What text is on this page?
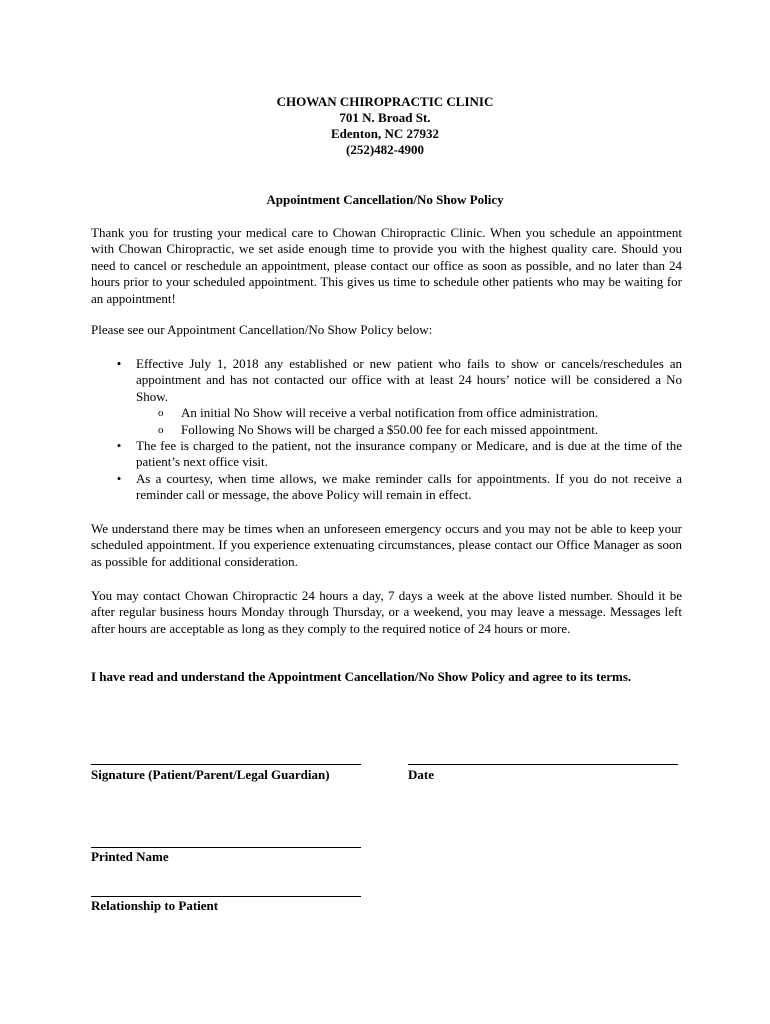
CHOWAN CHIROPRACTIC CLINIC
701 N. Broad St.
Edenton, NC 27932
(252)482-4900
Appointment Cancellation/No Show Policy

Thank you for trusting your medical care to Chowan Chiropractic Clinic. When you schedule an appointment with Chowan Chiropractic, we set aside enough time to provide you with the highest quality care. Should you need to cancel or reschedule an appointment, please contact our office as soon as possible, and no later than 24 hours prior to your scheduled appointment. This gives us time to schedule other patients who may be waiting for an appointment!

Please see our Appointment Cancellation/No Show Policy below:

• Effective July 1, 2018 any established or new patient who fails to show or cancels/reschedules an appointment and has not contacted our office with at least 24 hours’ notice will be considered a No Show.
o An initial No Show will receive a verbal notification from office administration.
o Following No Shows will be charged a $50.00 fee for each missed appointment.
• The fee is charged to the patient, not the insurance company or Medicare, and is due at the time of the patient’s next office visit.
• As a courtesy, when time allows, we make reminder calls for appointments. If you do not receive a reminder call or message, the above Policy will remain in effect.

We understand there may be times when an unforeseen emergency occurs and you may not be able to keep your scheduled appointment. If you experience extenuating circumstances, please contact our Office Manager as soon as possible for additional consideration.

You may contact Chowan Chiropractic 24 hours a day, 7 days a week at the above listed number. Should it be after regular business hours Monday through Thursday, or a weekend, you may leave a message. Messages left after hours are acceptable as long as they comply to the required notice of 24 hours or more.

I have read and understand the Appointment Cancellation/No Show Policy and agree to its terms.
Signature (Patient/Parent/Legal Guardian)	Date
Printed Name
Relationship to Patient
